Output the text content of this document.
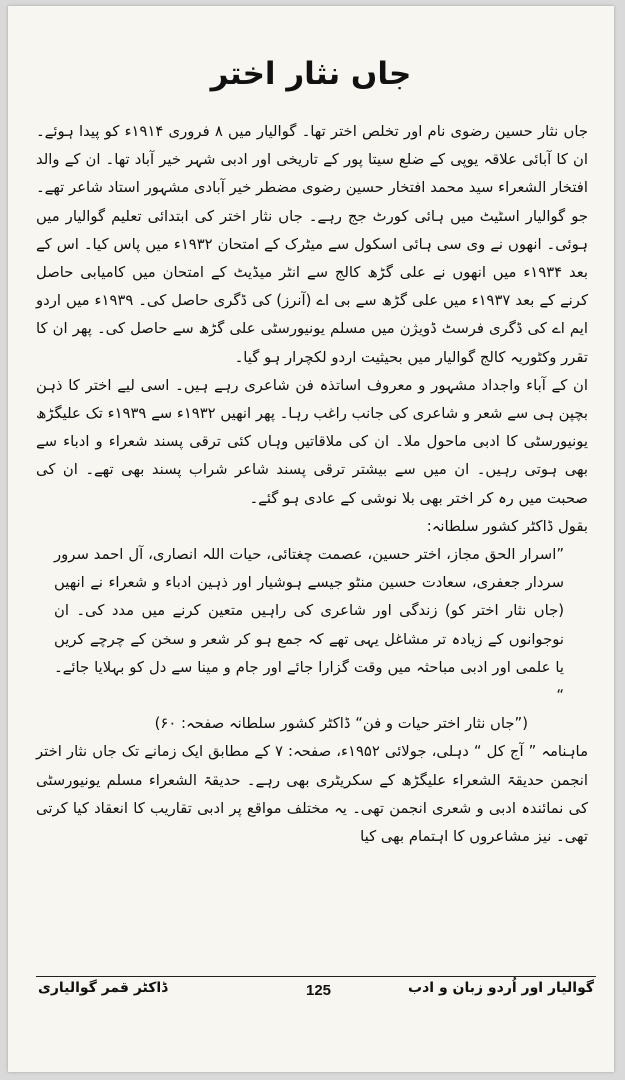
جاں نثار اختر

جاں نثار حسین رضوی نام اور تخلص اختر تھا۔ گوالیار میں ۸ فروری ۱۹۱۴ء کو پیدا ہوئے۔ ان کا آبائی علاقہ یوپی کے ضلع سیتا پور کے تاریخی اور ادبی شہر خیر آباد تھا۔ ان کے والد افتخار الشعراء سید محمد افتخار حسین رضوی مضطر خیر آبادی مشہور استاد شاعر تھے۔ جو گوالیار اسٹیٹ میں ہائی کورٹ جج رہے۔ جاں نثار اختر کی ابتدائی تعلیم گوالیار میں ہوئی۔ انھوں نے وی سی ہائی اسکول سے میٹرک کے امتحان ۱۹۳۲ء میں پاس کیا۔ اس کے بعد ۱۹۳۴ء میں انھوں نے علی گڑھ کالج سے انٹر میڈیٹ کے امتحان میں کامیابی حاصل کرنے کے بعد ۱۹۳۷ء میں علی گڑھ سے بی اے (آنرز) کی ڈگری حاصل کی۔ ۱۹۳۹ء میں اردو ایم اے کی ڈگری فرسٹ ڈویژن میں مسلم یونیورسٹی علی گڑھ سے حاصل کی۔ پھر ان کا تقرر وکٹوریہ کالج گوالیار میں بحیثیت اردو لکچرار ہو گیا۔

ان کے آباء واجداد مشہور و معروف اساتذہ فن شاعری رہے ہیں۔ اسی لیے اختر کا ذہن بچپن ہی سے شعر و شاعری کی جانب راغب رہا۔ پھر انھیں ۱۹۳۲ء سے ۱۹۳۹ء تک علیگڑھ یونیورسٹی کا ادبی ماحول ملا۔ ان کی ملاقاتیں وہاں کئی ترقی پسند شعراء و ادباء سے بھی ہوتی رہیں۔ ان میں سے بیشتر ترقی پسند شاعر شراب پسند بھی تھے۔ ان کی صحبت میں رہ کر اختر بھی بلا نوشی کے عادی ہو گئے۔

بقول ڈاکٹر کشور سلطانہ:

”اسرار الحق مجاز، اختر حسین، عصمت چغتائی، حیات اللہ انصاری، آل احمد سرور سردار جعفری، سعادت حسین منٹو جیسے ہوشیار اور ذہین ادباء و شعراء نے انھیں (جاں نثار اختر کو) زندگی اور شاعری کی راہیں متعین کرنے میں مدد کی۔ ان نوجوانوں کے زیادہ تر مشاغل یہی تھے کہ جمع ہو کر شعر و سخن کے چرچے کریں یا علمی اور ادبی مباحثہ میں وقت گزارا جائے اور جام و مینا سے دل کو بہلایا جائے۔ “

(”جاں نثار اختر حیات و فن“ ڈاکٹر کشور سلطانہ صفحہ: ۶۰)

ماہنامہ ” آج کل “ دہلی، جولائی ۱۹۵۲ء، صفحہ: ۷ کے مطابق ایک زمانے تک جاں نثار اختر انجمن حدیقۃ الشعراء علیگڑھ کے سکریٹری بھی رہے۔ حدیقۃ الشعراء مسلم یونیورسٹی کی نمائندہ ادبی و شعری انجمن تھی۔ یہ مختلف مواقع پر ادبی تقاریب کا انعقاد کیا کرتی تھی۔ نیز مشاعروں کا اہتمام بھی کیا

ڈاکٹر قمر گوالیاری	125	گوالیار اور اُردو زبان و ادب
